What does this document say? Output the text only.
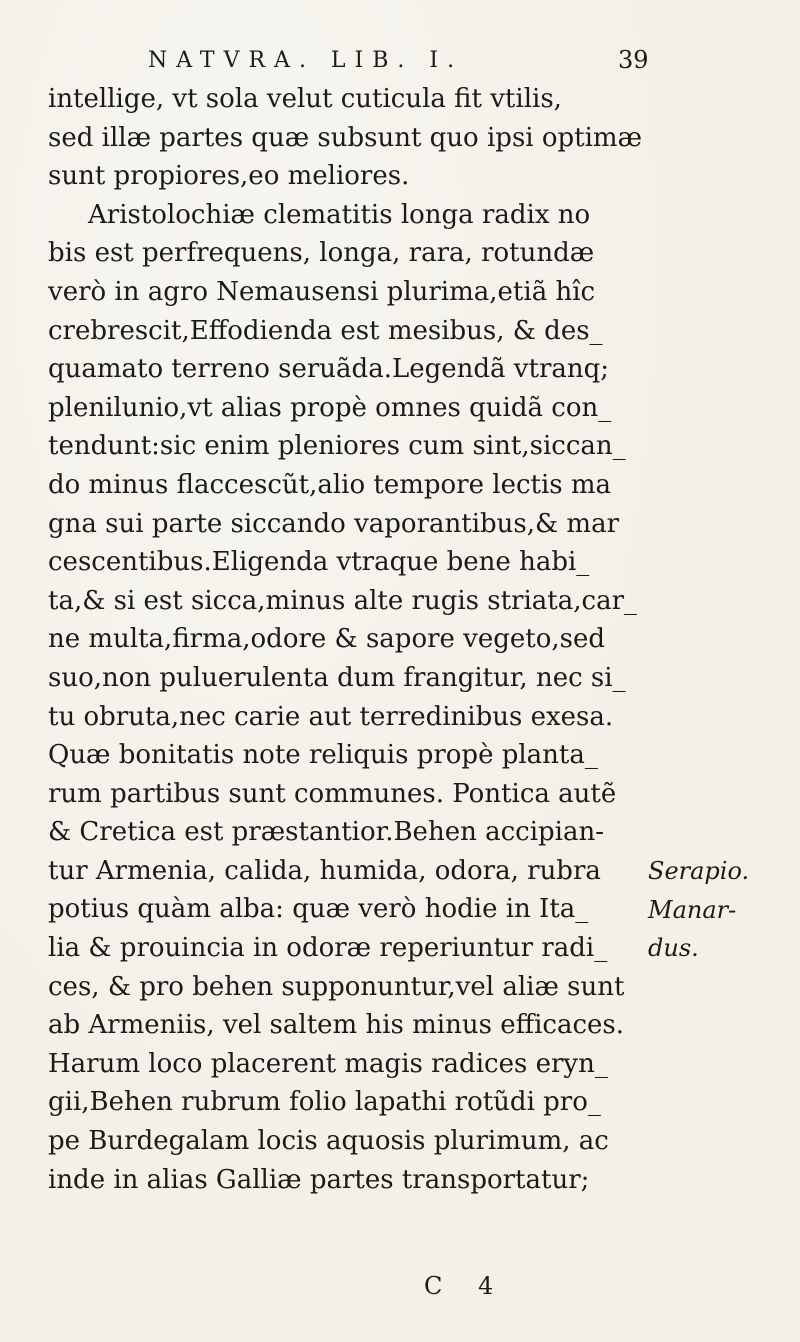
NATVRA. LIB. I.	39
intellige, vt sola velut cuticula fit vtilis,
sed illæ partes quæ subsunt quo ipsi optimæ
sunt propiores,eo meliores.
Aristolochiæ clematitis longa radix no
bis est perfrequens, longa, rara, rotundæ
verò in agro Nemausensi plurima,etiã hîc
crebrescit,Effodienda est mesibus, & des_
quamato terreno seruãda.Legendã vtranq;
plenilunio,vt alias propè omnes quidã con_
tendunt:sic enim pleniores cum sint,siccan_
do minus flaccescũt,alio tempore lectis ma
gna sui parte siccando vaporantibus,& mar
cescentibus.Eligenda vtraque bene habi_
ta,& si est sicca,minus alte rugis striata,car_
ne multa,firma,odore & sapore vegeto,sed
suo,non puluerulenta dum frangitur, nec si_
tu obruta,nec carie aut terredinibus exesa.
Quæ bonitatis note reliquis propè planta_
rum partibus sunt communes. Pontica autẽ
& Cretica est præstantior.Behen accipian-
tur Armenia, calida, humida, odora, rubra
potius quàm alba: quæ verò hodie in Ita_
lia & prouincia in odoræ reperiuntur radi_
ces, & pro behen supponuntur,vel aliæ sunt
ab Armeniis, vel saltem his minus efficaces.
Harum loco placerent magis radices eryn_
gii,Behen rubrum folio lapathi rotũdi pro_
pe Burdegalam locis aquosis plurimum, ac
inde in alias Galliæ partes transportatur;
Serapio.
Manar-
dus.
C 4
